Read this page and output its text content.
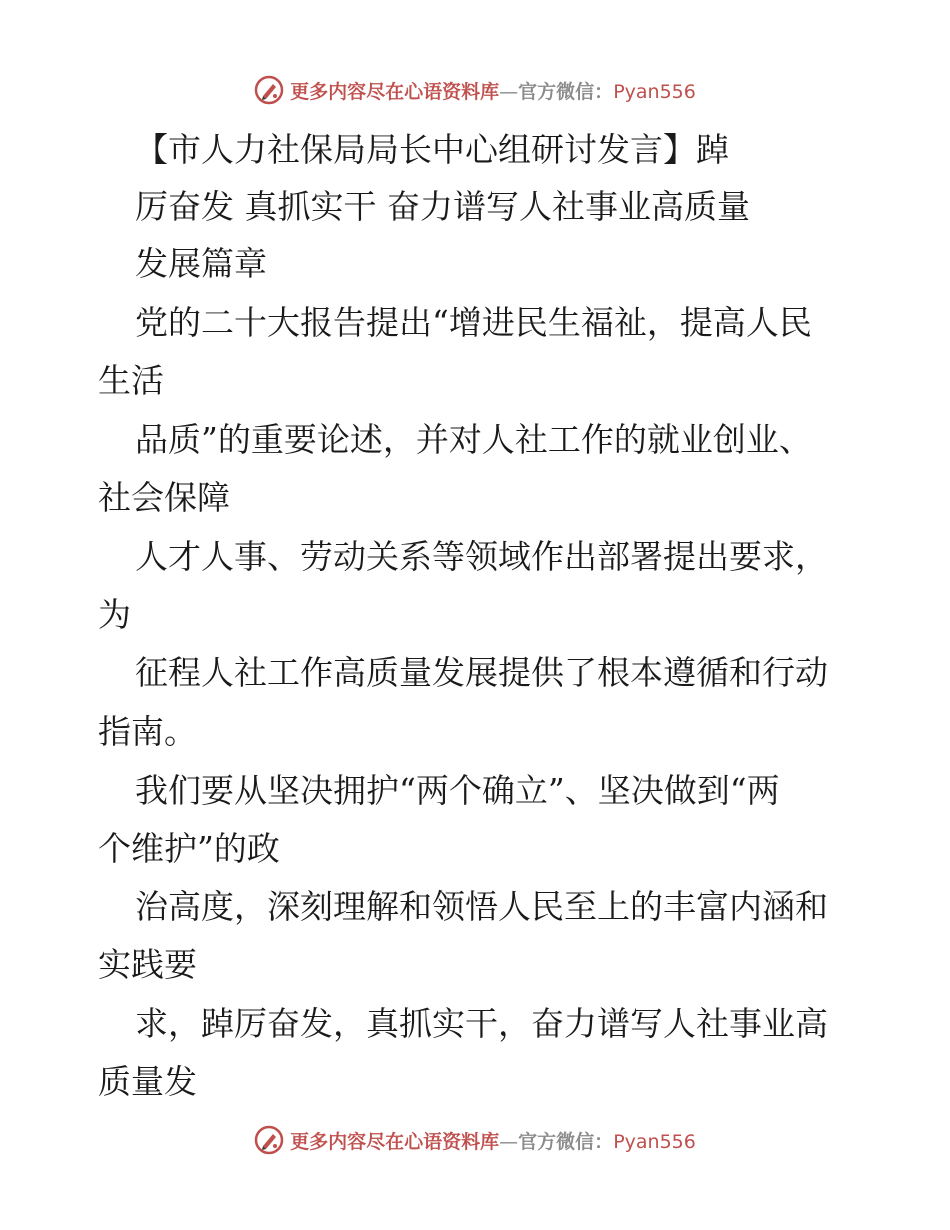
更多内容尽在心语资料库—官方微信：Pyan556
【市人力社保局局长中心组研讨发言】踔
厉奋发 真抓实干 奋力谱写人社事业高质量
发展篇章
党的二十大报告提出“增进民生福祉，提高人民
生活
品质”的重要论述，并对人社工作的就业创业、
社会保障
人才人事、劳动关系等领域作出部署提出要求，
为
征程人社工作高质量发展提供了根本遵循和行动
指南。
我们要从坚决拥护“两个确立”、坚决做到“两
个维护”的政
治高度，深刻理解和领悟人民至上的丰富内涵和
实践要
求，踔厉奋发，真抓实干，奋力谱写人社事业高
质量发
更多内容尽在心语资料库—官方微信：Pyan556
